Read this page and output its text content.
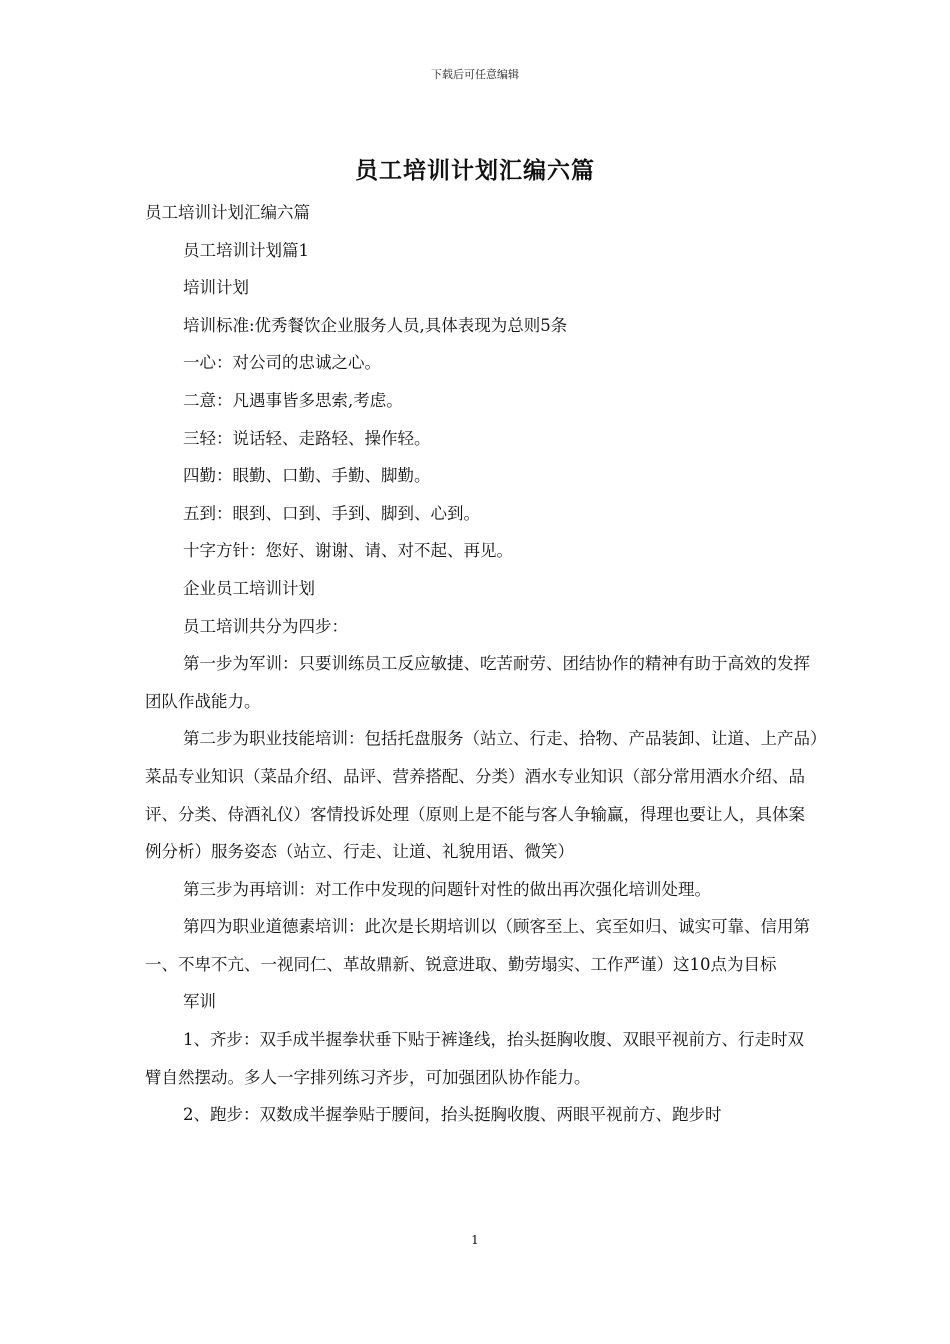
下载后可任意编辑
员工培训计划汇编六篇

员工培训计划汇编六篇

员工培训计划篇1

培训计划

培训标准:优秀餐饮企业服务人员,具体表现为总则5条

一心：对公司的忠诚之心。

二意：凡遇事皆多思索,考虑。

三轻：说话轻、走路轻、操作轻。

四勤：眼勤、口勤、手勤、脚勤。

五到：眼到、口到、手到、脚到、心到。

十字方针：您好、谢谢、请、对不起、再见。

企业员工培训计划

员工培训共分为四步：

第一步为军训：只要训练员工反应敏捷、吃苦耐劳、团结协作的精神有助于高效的发挥团队作战能力。

第二步为职业技能培训：包括托盘服务（站立、行走、拾物、产品装卸、让道、上产品）菜品专业知识（菜品介绍、品评、营养搭配、分类）酒水专业知识（部分常用酒水介绍、品评、分类、侍酒礼仪）客情投诉处理（原则上是不能与客人争输赢，得理也要让人，具体案例分析）服务姿态（站立、行走、让道、礼貌用语、微笑）

第三步为再培训：对工作中发现的问题针对性的做出再次强化培训处理。

第四为职业道德素培训：此次是长期培训以（顾客至上、宾至如归、诚实可靠、信用第一、不卑不亢、一视同仁、革故鼎新、锐意进取、勤劳塌实、工作严谨）这10点为目标

军训

1、齐步：双手成半握拳状垂下贴于裤逢线，抬头挺胸收腹、双眼平视前方、行走时双臂自然摆动。多人一字排列练习齐步，可加强团队协作能力。

2、跑步：双数成半握拳贴于腰间，抬头挺胸收腹、两眼平视前方、跑步时

1
